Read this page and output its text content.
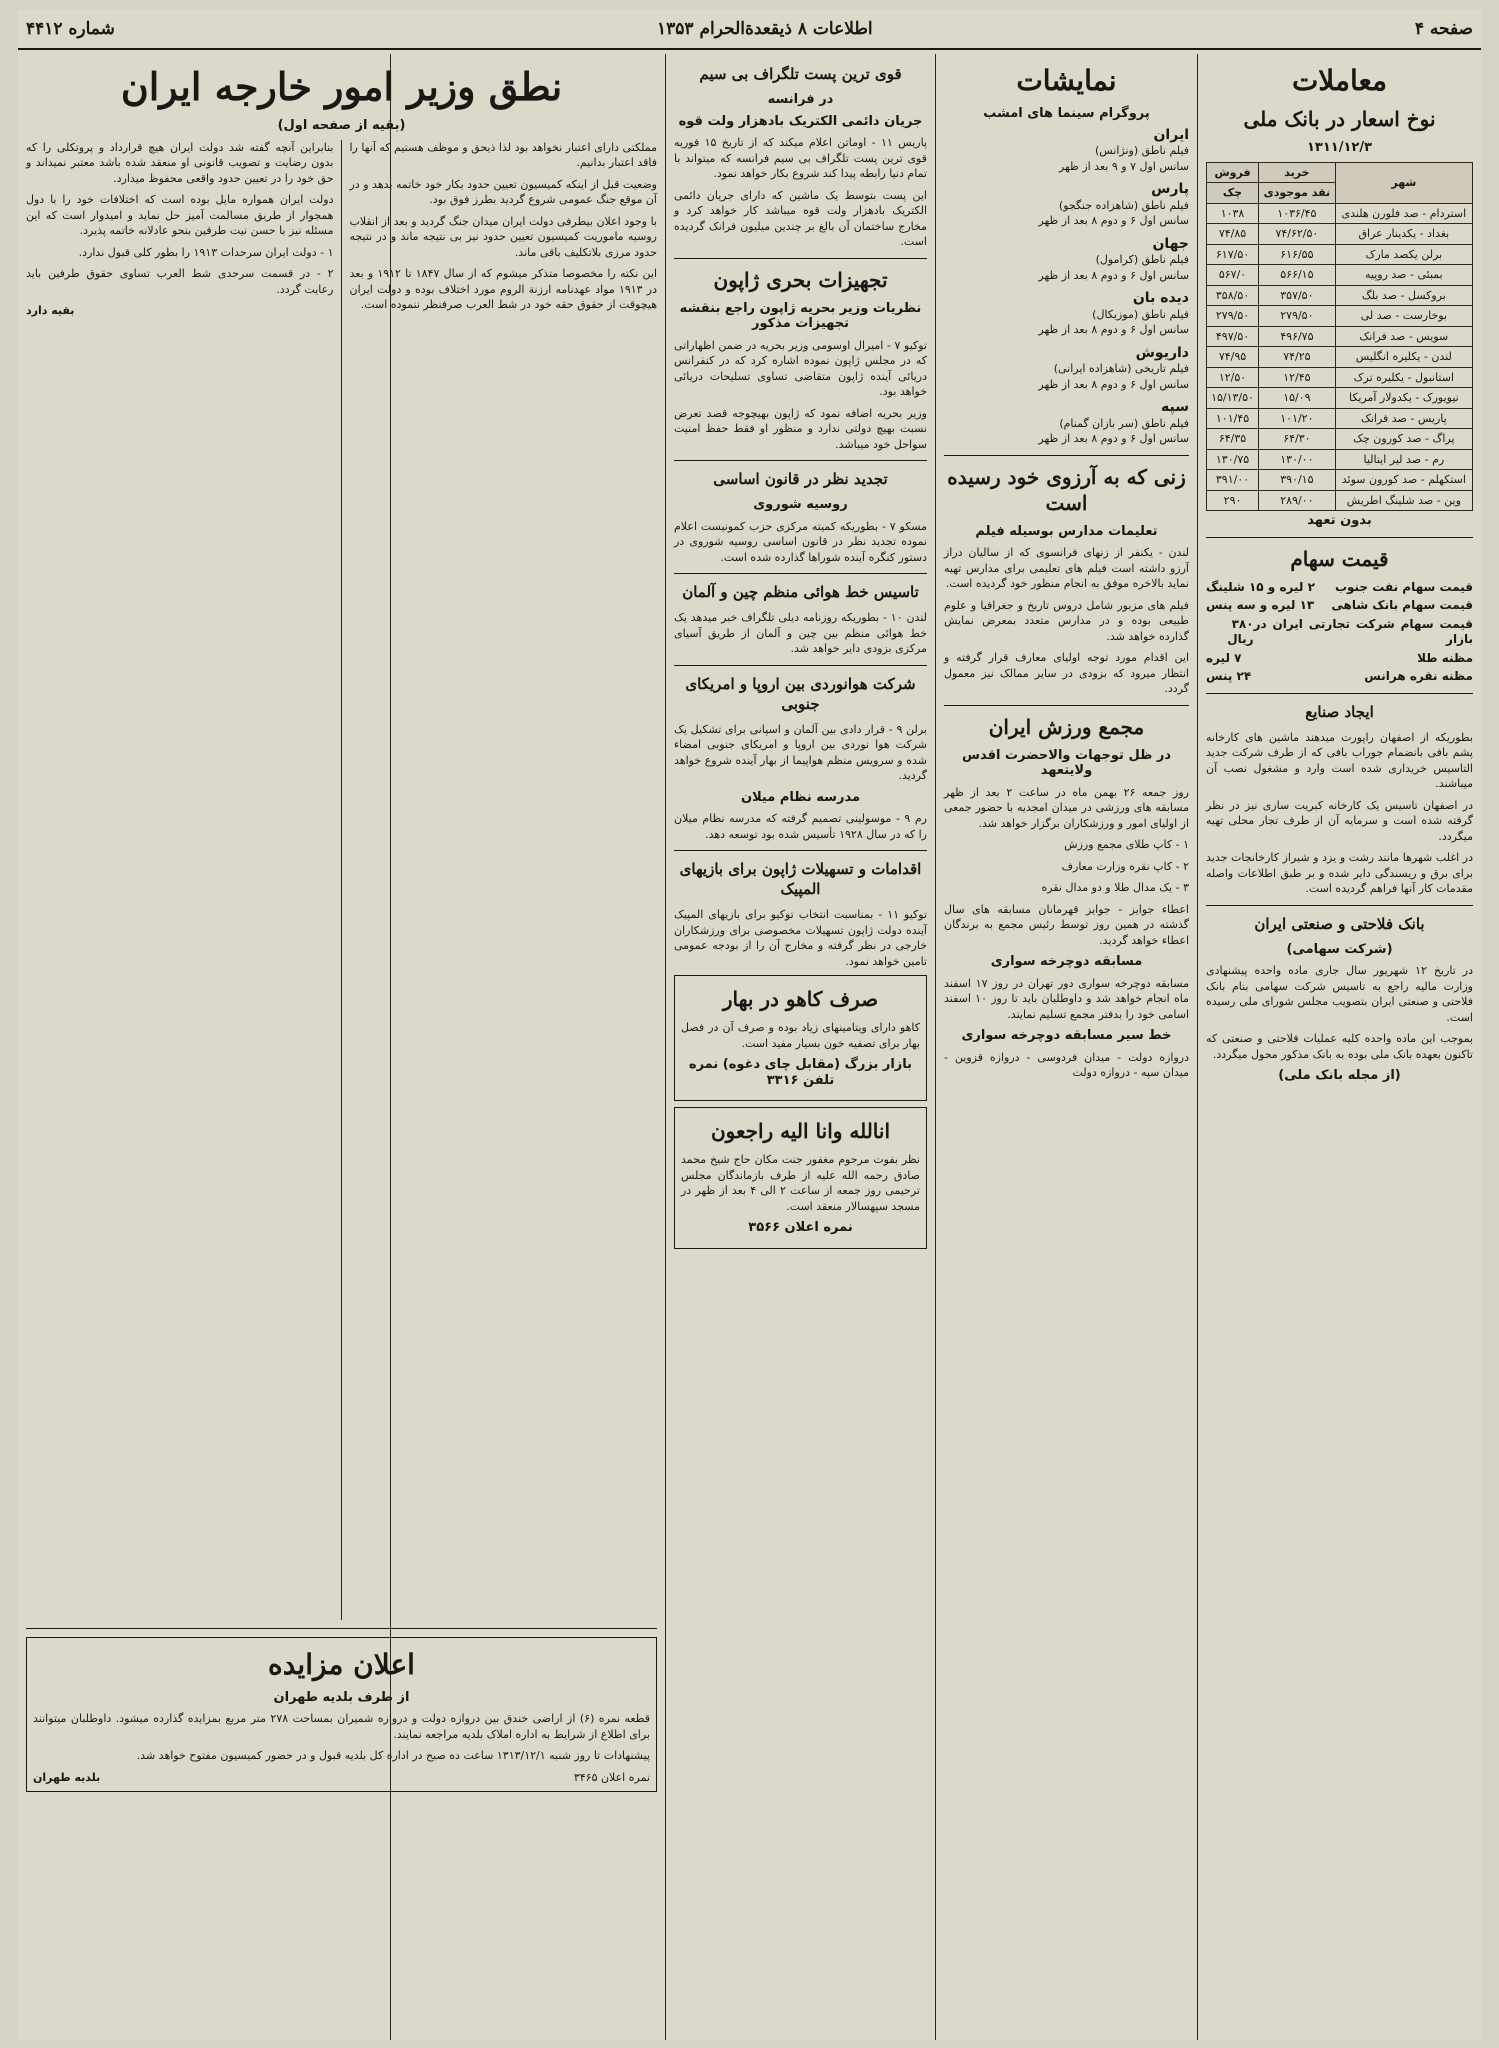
صفحه ۴
اطلاعات ۸ ذیقعدةالحرام ۱۳۵۳
شماره ۴۴۱۲
معاملات
نوخ اسعار در بانک ملی
۱۳۱۱/۱۲/۳
شهر	خرید	فروش
	نقد موجودی	چک
استردام - صد فلورن هلندی	۱۰۳۶/۴۵	۱۰۳۸
بغداد - یکدینار عراق	۷۴/۶۲/۵۰	۷۴/۸۵
برلن یکصد مارک	۶۱۶/۵۵	۶۱۷/۵۰
بمبئی - صد روپیه	۵۶۶/۱۵	۵۶۷/۰
بروکسل - صد بلگ	۳۵۷/۵۰	۳۵۸/۵۰
بوخارست - صد لی	۲۷۹/۵۰	۲۷۹/۵۰
سویس - صد فرانک	۴۹۶/۷۵	۴۹۷/۵۰
لندن - یکلیره انگلیس	۷۴/۲۵	۷۴/۹۵
استانبول - یکلیره ترک	۱۲/۴۵	۱۲/۵۰
نیویورک - یکدولار آمریکا	۱۵/۰۹	۱۵/۱۳/۵۰
پاریس - صد فرانک	۱۰۱/۲۰	۱۰۱/۴۵
پراگ - صد کورون چک	۶۴/۳۰	۶۴/۳۵
رم - صد لیر ایتالیا	۱۳۰/۰۰	۱۳۰/۷۵
استکهلم - صد کورون سوئد	۳۹۰/۱۵	۳۹۱/۰۰
وین - صد شلینگ اطریش	۲۸۹/۰۰	۲۹۰
بدون تعهد
قیمت سهام
قیمت سهام نفت جنوب
۲ لیره و ۱۵ شلینگ
قیمت سهام بانک شاهی
۱۳ لیره و سه پنس
قیمت سهام شرکت تجارتی ایران در بازار
۳۸۰ ریال
مظنه طلا
۷ لیره
مظنه نقره هرانس
۲۴ پنس
ایجاد صنایع

بطوریکه از اصفهان راپورت میدهند ماشین های کارخانه پشم بافی بانضمام جوراب بافی که از طرف شرکت جدید التاسیس خریداری شده است وارد و مشغول نصب آن میباشند.

در اصفهان تاسیس یک کارخانه کبریت سازی نیز در نظر گرفته شده است و سرمایه آن از طرف تجار محلی تهیه میگردد.

در اغلب شهرها مانند رشت و یزد و شیراز کارخانجات جدید برای برق و ریسندگی دایر شده و بر طبق اطلاعات واصله مقدمات کار آنها فراهم گردیده است.

بانک فلاحتی و صنعتی ایران
(شرکت سهامی)

در تاریخ ۱۲ شهریور سال جاری ماده واحده پیشنهادی وزارت مالیه راجع به تاسیس شرکت سهامی بنام بانک فلاحتی و صنعتی ایران بتصویب مجلس شورای ملی رسیده است.

بموجب این ماده واحده کلیه عملیات فلاحتی و صنعتی که تاکنون بعهده بانک ملی بوده به بانک مذکور محول میگردد.

(از مجله بانک ملی)
نمایشات
پروگرام سینما های امشب
ایران
فیلم ناطق (ونژانس)
سانس اول ۷ و ۹ بعد از ظهر
پارس
فیلم ناطق (شاهزاده جنگجو)
سانس اول ۶ و دوم ۸ بعد از ظهر
جهان
فیلم ناطق (کرامول)
سانس اول ۶ و دوم ۸ بعد از ظهر
دیده بان
فیلم ناطق (موزیکال)
سانس اول ۶ و دوم ۸ بعد از ظهر
داریوش
فیلم تاریخی (شاهزاده ایرانی)
سانس اول ۶ و دوم ۸ بعد از ظهر
سپه
فیلم ناطق (سر بازان گمنام)
سانس اول ۶ و دوم ۸ بعد از ظهر
زنی که به آرزوی خود رسیده است
تعلیمات مدارس بوسیله فیلم

لندن - یکنفر از زنهای فرانسوی که از سالیان دراز آرزو داشته است فیلم های تعلیمی برای مدارس تهیه نماید بالاخره موفق به انجام منظور خود گردیده است.

فیلم های مزبور شامل دروس تاریخ و جغرافیا و علوم طبیعی بوده و در مدارس متعدد بمعرض نمایش گذارده خواهد شد.

این اقدام مورد توجه اولیای معارف قرار گرفته و انتظار میرود که بزودی در سایر ممالک نیز معمول گردد.

مجمع ورزش ایران
در ظل توجهات والاحضرت اقدس ولایتعهد

روز جمعه ۲۶ بهمن ماه در ساعت ۲ بعد از ظهر مسابقه های ورزشی در میدان امجدیه با حضور جمعی از اولیای امور و ورزشکاران برگزار خواهد شد.

۱ - کاپ طلای مجمع ورزش

۲ - کاپ نقره وزارت معارف

۳ - یک مدال طلا و دو مدال نقره

اعطاء جوایز - جوایز قهرمانان مسابقه های سال گذشته در همین روز توسط رئیس مجمع به برندگان اعطاء خواهد گردید.

مسابقه دوچرخه سواری

مسابقه دوچرخه سواری دور تهران در روز ۱۷ اسفند ماه انجام خواهد شد و داوطلبان باید تا روز ۱۰ اسفند اسامی خود را بدفتر مجمع تسلیم نمایند.

خط سیر مسابقه دوچرخه سواری

دروازه دولت - میدان فردوسی - دروازه قزوین - میدان سپه - دروازه دولت

قوی ترین پست تلگراف بی سیم
در فرانسه
جریان دائمی الکتریک بادهزار ولت قوه

پاریس ۱۱ - اوماتن اعلام میکند که از تاریخ ۱۵ فوریه قوی ترین پست تلگراف بی سیم فرانسه که میتواند با تمام دنیا رابطه پیدا کند شروع بکار خواهد نمود.

این پست بتوسط یک ماشین که دارای جریان دائمی الکتریک بادهزار ولت قوه میباشد کار خواهد کرد و مخارج ساختمان آن بالغ بر چندین میلیون فرانک گردیده است.

تجهیزات بحری ژاپون
نظریات وزیر بحریه ژاپون راجع بنقشه تجهیزات مذکور

توکیو ۷ - امیرال اوسومی وزیر بحریه در ضمن اظهاراتی که در مجلس ژاپون نموده اشاره کرد که در کنفرانس دریائی آینده ژاپون متقاضی تساوی تسلیحات دریائی خواهد بود.

وزیر بحریه اضافه نمود که ژاپون بهیچوجه قصد تعرض نسبت بهیچ دولتی ندارد و منظور او فقط حفظ امنیت سواحل خود میباشد.

تجدید نظر در قانون اساسی
روسیه شوروی

مسکو ۷ - بطوریکه کمیته مرکزی حزب کمونیست اعلام نموده تجدید نظر در قانون اساسی روسیه شوروی در دستور کنگره آینده شوراها گذارده شده است.

تاسیس خط هوائی منظم چین و آلمان

لندن ۱۰ - بطوریکه روزنامه دیلی تلگراف خبر میدهد یک خط هوائی منظم بین چین و آلمان از طریق آسیای مرکزی بزودی دایر خواهد شد.

شرکت هوانوردی بین اروپا و امریکای جنوبی

برلن ۹ - قرار دادی بین آلمان و اسپانی برای تشکیل یک شرکت هوا نوردی بین اروپا و امریکای جنوبی امضاء شده و سرویس منظم هواپیما از بهار آینده شروع خواهد گردید.

مدرسه نظام میلان

رم ۹ - موسولینی تصمیم گرفته که مدرسه نظام میلان را که در سال ۱۹۲۸ تأسیس شده بود توسعه دهد.

اقدامات و تسهیلات ژاپون برای بازیهای المپیک

توکیو ۱۱ - بمناسبت انتخاب توکیو برای بازیهای المپیک آینده دولت ژاپون تسهیلات مخصوصی برای ورزشکاران خارجی در نظر گرفته و مخارج آن را از بودجه عمومی تامین خواهد نمود.

صرف کاهو در بهار

کاهو دارای ویتامینهای زیاد بوده و صرف آن در فصل بهار برای تصفیه خون بسیار مفید است.

بازار بزرگ (مقابل چای دغوه) نمره تلفن ۳۳۱۶
انالله وانا الیه راجعون

نظر بفوت مرحوم مغفور جنت مکان حاج شیخ محمد صادق رحمه الله علیه از طرف بازماندگان مجلس ترحیمی روز جمعه از ساعت ۲ الی ۴ بعد از ظهر در مسجد سپهسالار منعقد است.

نمره اعلان ۳۵۶۶
نطق وزیر امور خارجه ایران
(بقیه از صفحه اول)

مملکتی دارای اعتبار نخواهد بود لذا ذیحق و موظف هستیم که آنها را فاقد اعتبار بدانیم.

وضعیت قبل از اینکه کمیسیون تعیین حدود بکار خود خاتمه بدهد و در آن موقع جنگ عمومی شروع گردید بطرز فوق بود.

با وجود اعلان بیطرفی دولت ایران میدان جنگ گردید و بعد از انقلاب روسیه ماموریت کمیسیون تعیین حدود نیز بی نتیجه ماند و در نتیجه حدود مرزی بلاتکلیف باقی ماند.

این نکته را مخصوصا متذکر میشوم که از سال ۱۸۴۷ تا ۱۹۱۲ و بعد در ۱۹۱۳ مواد عهدنامه ارزنة الروم مورد اختلاف بوده و دولت ایران هیچوقت از حقوق حقه خود در شط العرب صرفنظر ننموده است.

بنابراین آنچه گفته شد دولت ایران هیچ قرارداد و پروتکلی را که بدون رضایت و تصویب قانونی او منعقد شده باشد معتبر نمیداند و حق خود را در تعیین حدود واقعی محفوظ میدارد.

دولت ایران همواره مایل بوده است که اختلافات خود را با دول همجوار از طریق مسالمت آمیز حل نماید و امیدوار است که این مسئله نیز با حسن نیت طرفین بنحو عادلانه خاتمه پذیرد.

۱ - دولت ایران سرحدات ۱۹۱۳ را بطور کلی قبول ندارد.

۲ - در قسمت سرحدی شط العرب تساوی حقوق طرفین باید رعایت گردد.

بقیه دارد

اعلان مزایده
از طرف بلدیه طهران

قطعه نمره (۶) از اراضی خندق بین دروازه دولت و دروازه شمیران بمساحت ۲۷۸ متر مربع بمزایده گذارده میشود. داوطلبان میتوانند برای اطلاع از شرایط به اداره املاک بلدیه مراجعه نمایند.

پیشنهادات تا روز شنبه ۱۳۱۳/۱۲/۱ ساعت ده صبح در اداره کل بلدیه قبول و در حضور کمیسیون مفتوح خواهد شد.

نمره اعلان ۳۴۶۵
بلدیه طهران
